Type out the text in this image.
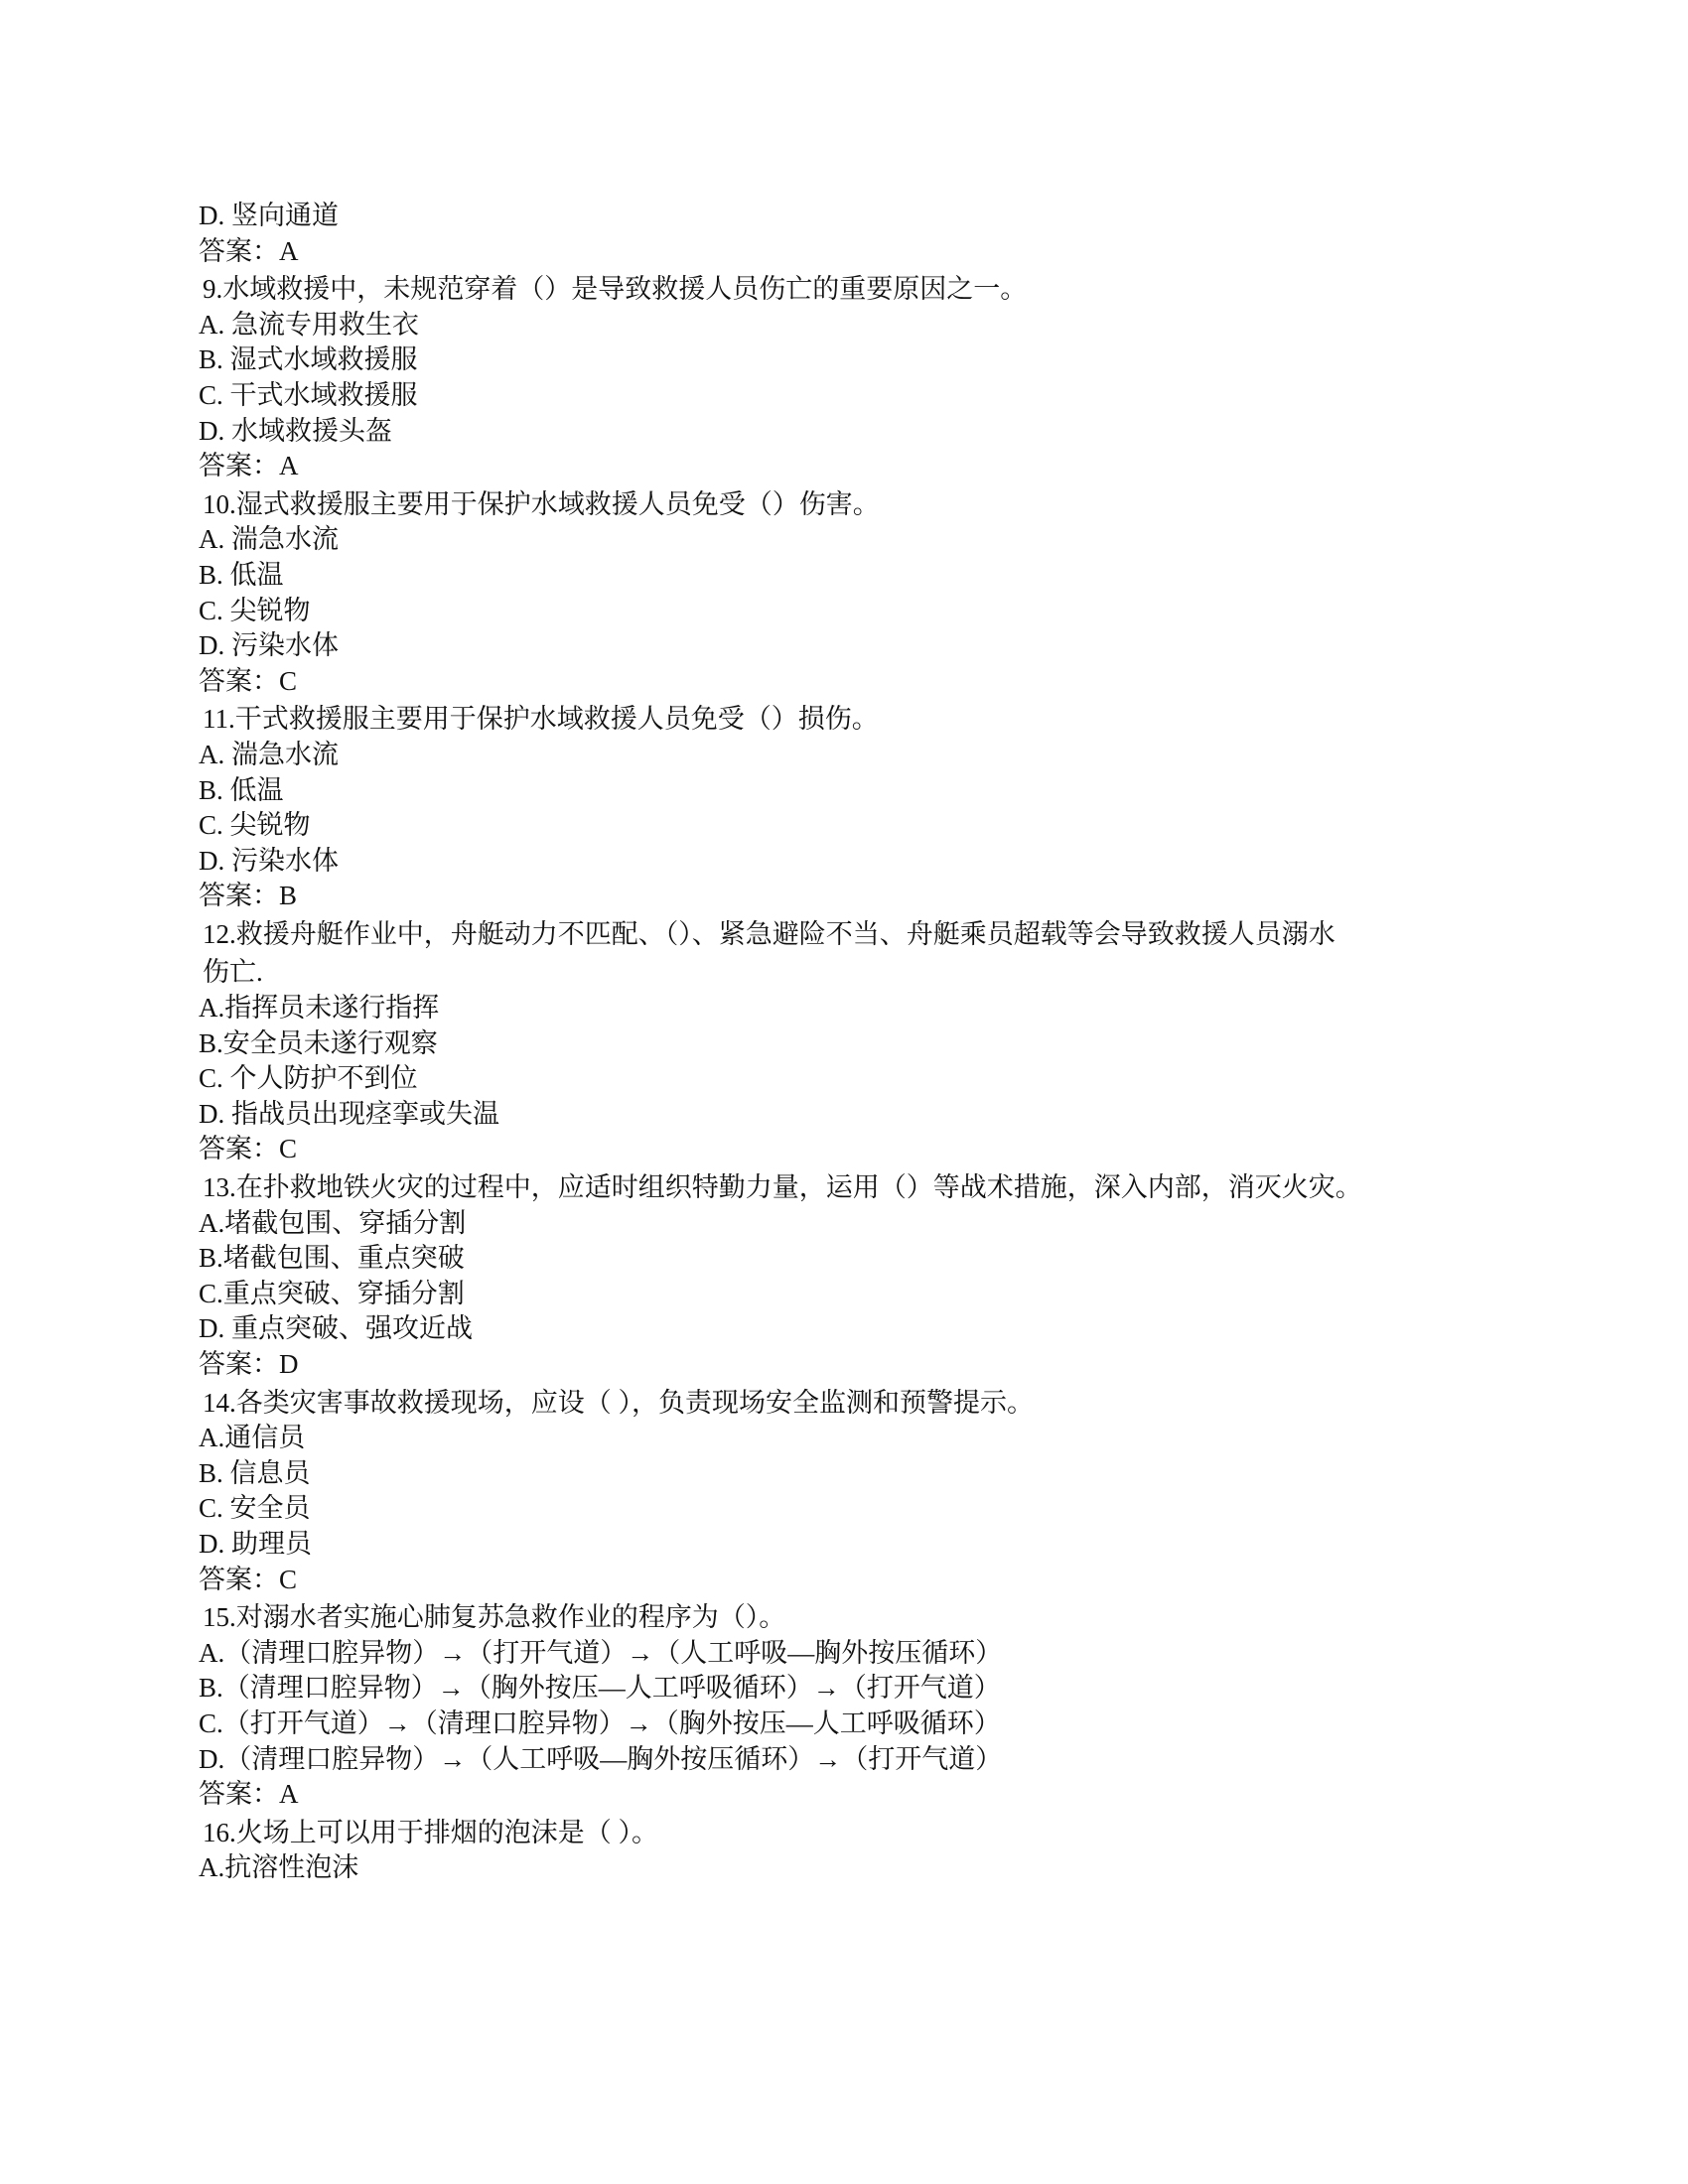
D. 竖向通道
答案：A
9.水域救援中，未规范穿着（）是导致救援人员伤亡的重要原因之一。
A. 急流专用救生衣
B. 湿式水域救援服
C. 干式水域救援服
D. 水域救援头盔
答案：A
10.湿式救援服主要用于保护水域救援人员免受（）伤害。
A. 湍急水流
B. 低温
C. 尖锐物
D. 污染水体
答案：C
11.干式救援服主要用于保护水域救援人员免受（）损伤。
A. 湍急水流
B. 低温
C. 尖锐物
D. 污染水体
答案：B
12.救援舟艇作业中，舟艇动力不匹配、（）、紧急避险不当、舟艇乘员超载等会导致救援人员溺水
伤亡.
A.指挥员未遂行指挥
B.安全员未遂行观察
C. 个人防护不到位
D. 指战员出现痉挛或失温
答案：C
13.在扑救地铁火灾的过程中，应适时组织特勤力量，运用（）等战术措施，深入内部，消灭火灾。
A.堵截包围、穿插分割
B.堵截包围、重点突破
C.重点突破、穿插分割
D. 重点突破、强攻近战
答案：D
14.各类灾害事故救援现场，应设（ ），负责现场安全监测和预警提示。
A.通信员
B. 信息员
C. 安全员
D. 助理员
答案：C
15.对溺水者实施心肺复苏急救作业的程序为（）。
A.（清理口腔异物）→（打开气道）→（人工呼吸—胸外按压循环）
B.（清理口腔异物）→（胸外按压—人工呼吸循环）→（打开气道）
C.（打开气道）→（清理口腔异物）→（胸外按压—人工呼吸循环）
D.（清理口腔异物）→（人工呼吸—胸外按压循环）→（打开气道）
答案：A
16.火场上可以用于排烟的泡沫是（ ）。
A.抗溶性泡沫
